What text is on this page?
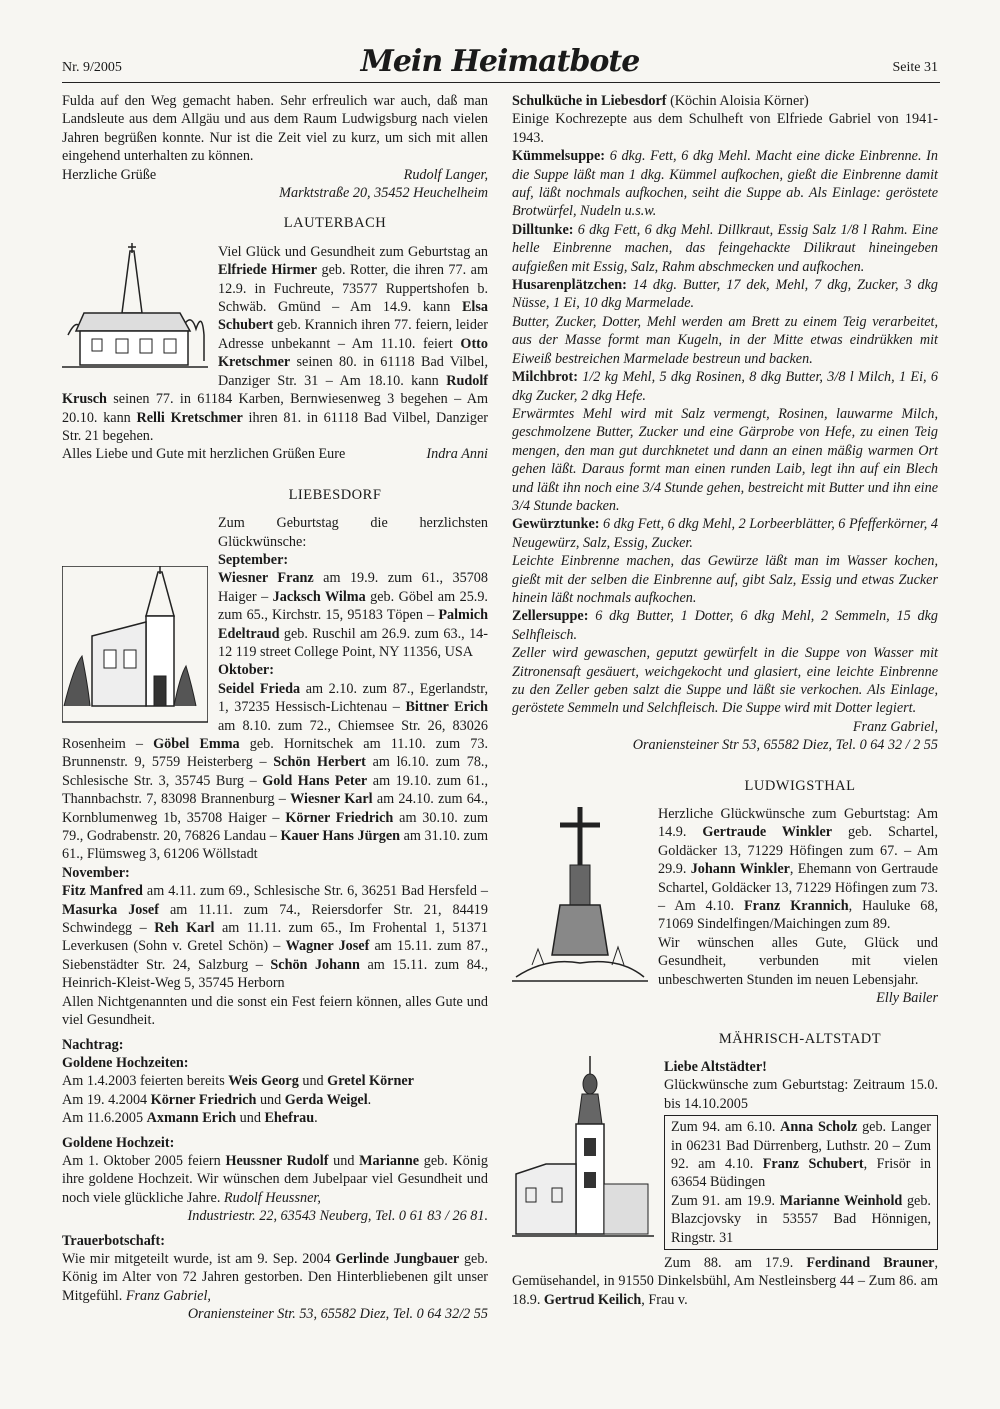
Nr. 9/2005	Mein Heimatbote	Seite 31

Fulda auf den Weg gemacht haben. Sehr erfreulich war auch, daß man Landsleute aus dem Allgäu und aus dem Raum Ludwigsburg nach vielen Jahren begrüßen konnte. Nur ist die Zeit viel zu kurz, um sich mit allen eingehend unterhalten zu können.

Herzliche Grüße	Rudolf Langer,

Marktstraße 20, 35452 Heuchelheim

LAUTERBACH

Viel Glück und Gesundheit zum Geburtstag an Elfriede Hirmer geb. Rotter, die ihren 77. am 12.9. in Fuchreute, 73577 Ruppertshofen b. Schwäb. Gmünd – Am 14.9. kann Elsa Schubert geb. Krannich ihren 77. feiern, leider Adresse unbekannt – Am 11.10. feiert Otto Kretschmer seinen 80. in 61118 Bad Vilbel, Danziger Str. 31 – Am 18.10. kann Rudolf Krusch seinen 77. in 61184 Karben, Bernwiesenweg 3 begehen – Am 20.10. kann Relli Kretschmer ihren 81. in 61118 Bad Vilbel, Danziger Str. 21 begehen.

Alles Liebe und Gute mit herzlichen Grüßen Eure	Indra Anni
LIEBESDORF

Zum Geburtstag die herzlichsten Glückwünsche:

September:

Wiesner Franz am 19.9. zum 61., 35708 Haiger – Jacksch Wilma geb. Göbel am 25.9. zum 65., Kirchstr. 15, 95183 Töpen – Palmich Edeltraud geb. Ruschil am 26.9. zum 63., 14-12 119 street College Point, NY 11356, USA

Oktober:

Seidel Frieda am 2.10. zum 87., Egerlandstr, 1, 37235 Hessisch-Lichtenau – Bittner Erich am 8.10. zum 72., Chiemsee Str. 26, 83026 Rosenheim – Göbel Emma geb. Hornitschek am 11.10. zum 73. Brunnenstr. 9, 5759 Heisterberg – Schön Herbert am l6.10. zum 78., Schlesische Str. 3, 35745 Burg – Gold Hans Peter am 19.10. zum 61., Thannbachstr. 7, 83098 Brannenburg – Wiesner Karl am 24.10. zum 64., Kornblumenweg 1b, 35708 Haiger – Körner Friedrich am 30.10. zum 79., Godrabenstr. 20, 76826 Landau – Kauer Hans Jürgen am 31.10. zum 61., Flümsweg 3, 61206 Wöllstadt

November:

Fitz Manfred am 4.11. zum 69., Schlesische Str. 6, 36251 Bad Hersfeld – Masurka Josef am 11.11. zum 74., Reiersdorfer Str. 21, 84419 Schwindegg – Reh Karl am 11.11. zum 65., Im Frohental 1, 51371 Leverkusen (Sohn v. Gretel Schön) – Wagner Josef am 15.11. zum 87., Siebenstädter Str. 24, Salzburg – Schön Johann am 15.11. zum 84., Heinrich-Kleist-Weg 5, 35745 Herborn

Allen Nichtgenannten und die sonst ein Fest feiern können, alles Gute und viel Gesundheit.

Nachtrag:

Goldene Hochzeiten:

Am 1.4.2003 feierten bereits Weis Georg und Gretel Körner

Am 19. 4.2004 Körner Friedrich und Gerda Weigel.

Am 11.6.2005 Axmann Erich und Ehefrau.

Goldene Hochzeit:

Am 1. Oktober 2005 feiern Heussner Rudolf und Marianne geb. König ihre goldene Hochzeit. Wir wünschen dem Jubelpaar viel Gesundheit und noch viele glückliche Jahre. Rudolf Heussner,

Industriestr. 22, 63543 Neuberg, Tel. 0 61 83 / 26 81.

Trauerbotschaft:

Wie mir mitgeteilt wurde, ist am 9. Sep. 2004 Gerlinde Jungbauer geb. König im Alter von 72 Jahren gestorben. Den Hinterbliebenen gilt unser Mitgefühl. Franz Gabriel,

Oraniensteiner Str. 53, 65582 Diez, Tel. 0 64 32/2 55

Schulküche in Liebesdorf (Köchin Aloisia Körner)

Einige Kochrezepte aus dem Schulheft von Elfriede Gabriel von 1941-1943.

Kümmelsuppe: 6 dkg. Fett, 6 dkg Mehl. Macht eine dicke Einbrenne. In die Suppe läßt man 1 dkg. Kümmel aufkochen, gießt die Einbrenne damit auf, läßt nochmals aufkochen, seiht die Suppe ab. Als Einlage: geröstete Brotwürfel, Nudeln u.s.w.

Dilltunke: 6 dkg Fett, 6 dkg Mehl. Dillkraut, Essig Salz 1/8 l Rahm. Eine helle Einbrenne machen, das feingehackte Dilikraut hineingeben aufgießen mit Essig, Salz, Rahm abschmecken und aufkochen.

Husarenplätzchen: 14 dkg. Butter, 17 dek, Mehl, 7 dkg, Zucker, 3 dkg Nüsse, 1 Ei, 10 dkg Marmelade.

Butter, Zucker, Dotter, Mehl werden am Brett zu einem Teig verarbeitet, aus der Masse formt man Kugeln, in der Mitte etwas eindrükken mit Eiweiß bestreichen Marmelade bestreun und backen.

Milchbrot: 1/2 kg Mehl, 5 dkg Rosinen, 8 dkg Butter, 3/8 l Milch, 1 Ei, 6 dkg Zucker, 2 dkg Hefe.

Erwärmtes Mehl wird mit Salz vermengt, Rosinen, lauwarme Milch, geschmolzene Butter, Zucker und eine Gärprobe von Hefe, zu einen Teig mengen, den man gut durchknetet und dann an einen mäßig warmen Ort gehen läßt. Daraus formt man einen runden Laib, legt ihn auf ein Blech und läßt ihn noch eine 3/4 Stunde gehen, bestreicht mit Butter und ihn eine 3/4 Stunde backen.

Gewürztunke: 6 dkg Fett, 6 dkg Mehl, 2 Lorbeerblätter, 6 Pfefferkörner, 4 Neugewürz, Salz, Essig, Zucker.

Leichte Einbrenne machen, das Gewürze läßt man im Wasser kochen, gießt mit der selben die Einbrenne auf, gibt Salz, Essig und etwas Zucker hinein läßt nochmals aufkochen.

Zellersuppe: 6 dkg Butter, 1 Dotter, 6 dkg Mehl, 2 Semmeln, 15 dkg Selhfleisch.

Zeller wird gewaschen, geputzt gewürfelt in die Suppe von Wasser mit Zitronensaft gesäuert, weichgekocht und glasiert, eine leichte Einbrenne zu den Zeller geben salzt die Suppe und läßt sie verkochen. Als Einlage, geröstete Semmeln und Selchfleisch. Die Suppe wird mit Dotter legiert.

Franz Gabriel,

Oraniensteiner Str 53, 65582 Diez, Tel. 0 64 32 / 2 55

LUDWIGSTHAL

Herzliche Glückwünsche zum Geburtstag: Am 14.9. Gertraude Winkler geb. Schartel, Goldäcker 13, 71229 Höfingen zum 67. – Am 29.9. Johann Winkler, Ehemann von Gertraude Schartel, Goldäcker 13, 71229 Höfingen zum 73. – Am 4.10. Franz Krannich, Hauluke 68, 71069 Sindelfingen/Maichingen zum 89.

Wir wünschen alles Gute, Glück und Gesundheit, verbunden mit vielen unbeschwerten Stunden im neuen Lebensjahr.

Elly Bailer

MÄHRISCH-ALTSTADT

Liebe Altstädter!

Glückwünsche zum Geburtstag: Zeitraum 15.0. bis 14.10.2005

Zum 94. am 6.10. Anna Scholz geb. Langer in 06231 Bad Dürrenberg, Luthstr. 20 – Zum 92. am 4.10. Franz Schubert, Frisör in 63654 Büdingen

Zum 91. am 19.9. Marianne Weinhold geb. Blazcjovsky in 53557 Bad Hönnigen, Ringstr. 31

Zum 88. am 17.9. Ferdinand Brauner, Gemüsehandel, in 91550 Dinkelsbühl, Am Nestleinsberg 44 – Zum 86. am 18.9. Gertrud Keilich, Frau v.
